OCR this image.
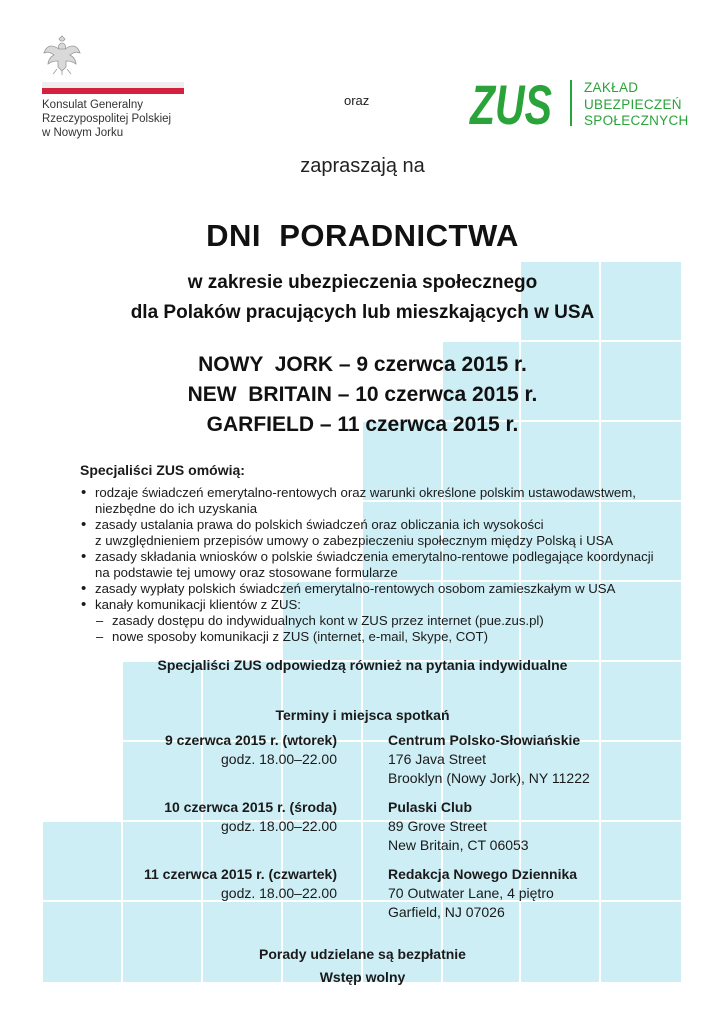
Konsulat Generalny
Rzeczypospolitej Polskiej
w Nowym Jorku
oraz ZUS ZAKŁAD
UBEZPIECZEŃ
SPOŁECZNYCH
zapraszają na
DNI  PORADNICTWA
w zakresie ubezpieczenia społecznego
dla Polaków pracujących lub mieszkających w USA
NOWY  JORK – 9 czerwca 2015 r.
NEW  BRITAIN – 10 czerwca 2015 r.
GARFIELD – 11 czerwca 2015 r.
Specjaliści ZUS omówią:
• rodzaje świadczeń emerytalno-rentowych oraz warunki określone polskim ustawodawstwem,
niezbędne do ich uzyskania
• zasady ustalania prawa do polskich świadczeń oraz obliczania ich wysokości
z uwzględnieniem przepisów umowy o zabezpieczeniu społecznym między Polską i USA
• zasady składania wniosków o polskie świadczenia emerytalno-rentowe podlegające koordynacji
na podstawie tej umowy oraz stosowane formularze
• zasady wypłaty polskich świadczeń emerytalno-rentowych osobom zamieszkałym w USA
• kanały komunikacji klientów z ZUS:
– zasady dostępu do indywidualnych kont w ZUS przez internet (pue.zus.pl)
– nowe sposoby komunikacji z ZUS (internet, e-mail, Skype, COT)
Specjaliści ZUS odpowiedzą również na pytania indywidualne
Terminy i miejsca spotkań
9 czerwca 2015 r. (wtorek)
godz. 18.00–22.00
Centrum Polsko-Słowiańskie
176 Java Street
Brooklyn (Nowy Jork), NY 11222
10 czerwca 2015 r. (środa)
godz. 18.00–22.00
Pulaski Club
89 Grove Street
New Britain, CT 06053
11 czerwca 2015 r. (czwartek)
godz. 18.00–22.00
Redakcja Nowego Dziennika
70 Outwater Lane, 4 piętro
Garfield, NJ 07026
Porady udzielane są bezpłatnie
Wstęp wolny
